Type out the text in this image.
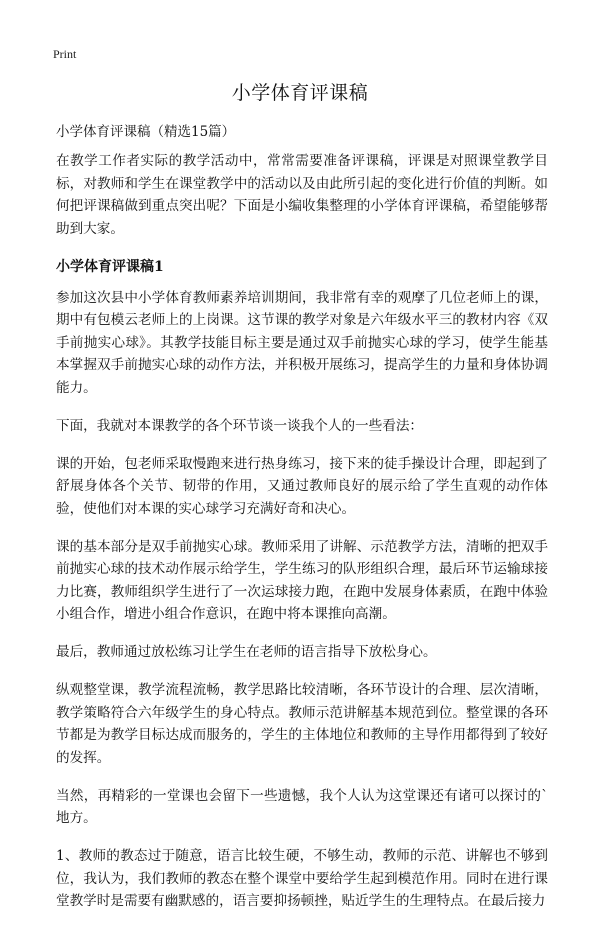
Print
小学体育评课稿

小学体育评课稿（精选15篇）

在教学工作者实际的教学活动中，常常需要准备评课稿，评课是对照课堂教学目标，对教师和学生在课堂教学中的活动以及由此所引起的变化进行价值的判断。如何把评课稿做到重点突出呢？下面是小编收集整理的小学体育评课稿，希望能够帮助到大家。

小学体育评课稿1

参加这次县中小学体育教师素养培训期间，我非常有幸的观摩了几位老师上的课，期中有包模云老师上的上岗课。这节课的教学对象是六年级水平三的教材内容《双手前抛实心球》。其教学技能目标主要是通过双手前抛实心球的学习，使学生能基本掌握双手前抛实心球的动作方法，并积极开展练习，提高学生的力量和身体协调能力。

下面，我就对本课教学的各个环节谈一谈我个人的一些看法：

课的开始，包老师采取慢跑来进行热身练习，接下来的徒手操设计合理，即起到了舒展身体各个关节、韧带的作用，又通过教师良好的展示给了学生直观的动作体验，使他们对本课的实心球学习充满好奇和决心。

课的基本部分是双手前抛实心球。教师采用了讲解、示范教学方法，清晰的把双手前抛实心球的技术动作展示给学生，学生练习的队形组织合理，最后环节运输球接力比赛，教师组织学生进行了一次运球接力跑，在跑中发展身体素质，在跑中体验小组合作，增进小组合作意识，在跑中将本课推向高潮。

最后，教师通过放松练习让学生在老师的语言指导下放松身心。

纵观整堂课，教学流程流畅，教学思路比较清晰，各环节设计的合理、层次清晰，教学策略符合六年级学生的身心特点。教师示范讲解基本规范到位。整堂课的各环节都是为教学目标达成而服务的，学生的主体地位和教师的主导作用都得到了较好的发挥。

当然，再精彩的一堂课也会留下一些遗憾，我个人认为这堂课还有诸可以探讨的`地方。

1、教师的教态过于随意，语言比较生硬，不够生动，教师的示范、讲解也不够到位，我认为，我们教师的教态在整个课堂中要给学生起到模范作用。同时在进行课堂教学时是需要有幽默感的，语言要抑扬顿挫，贴近学生的生理特点。在最后接力
